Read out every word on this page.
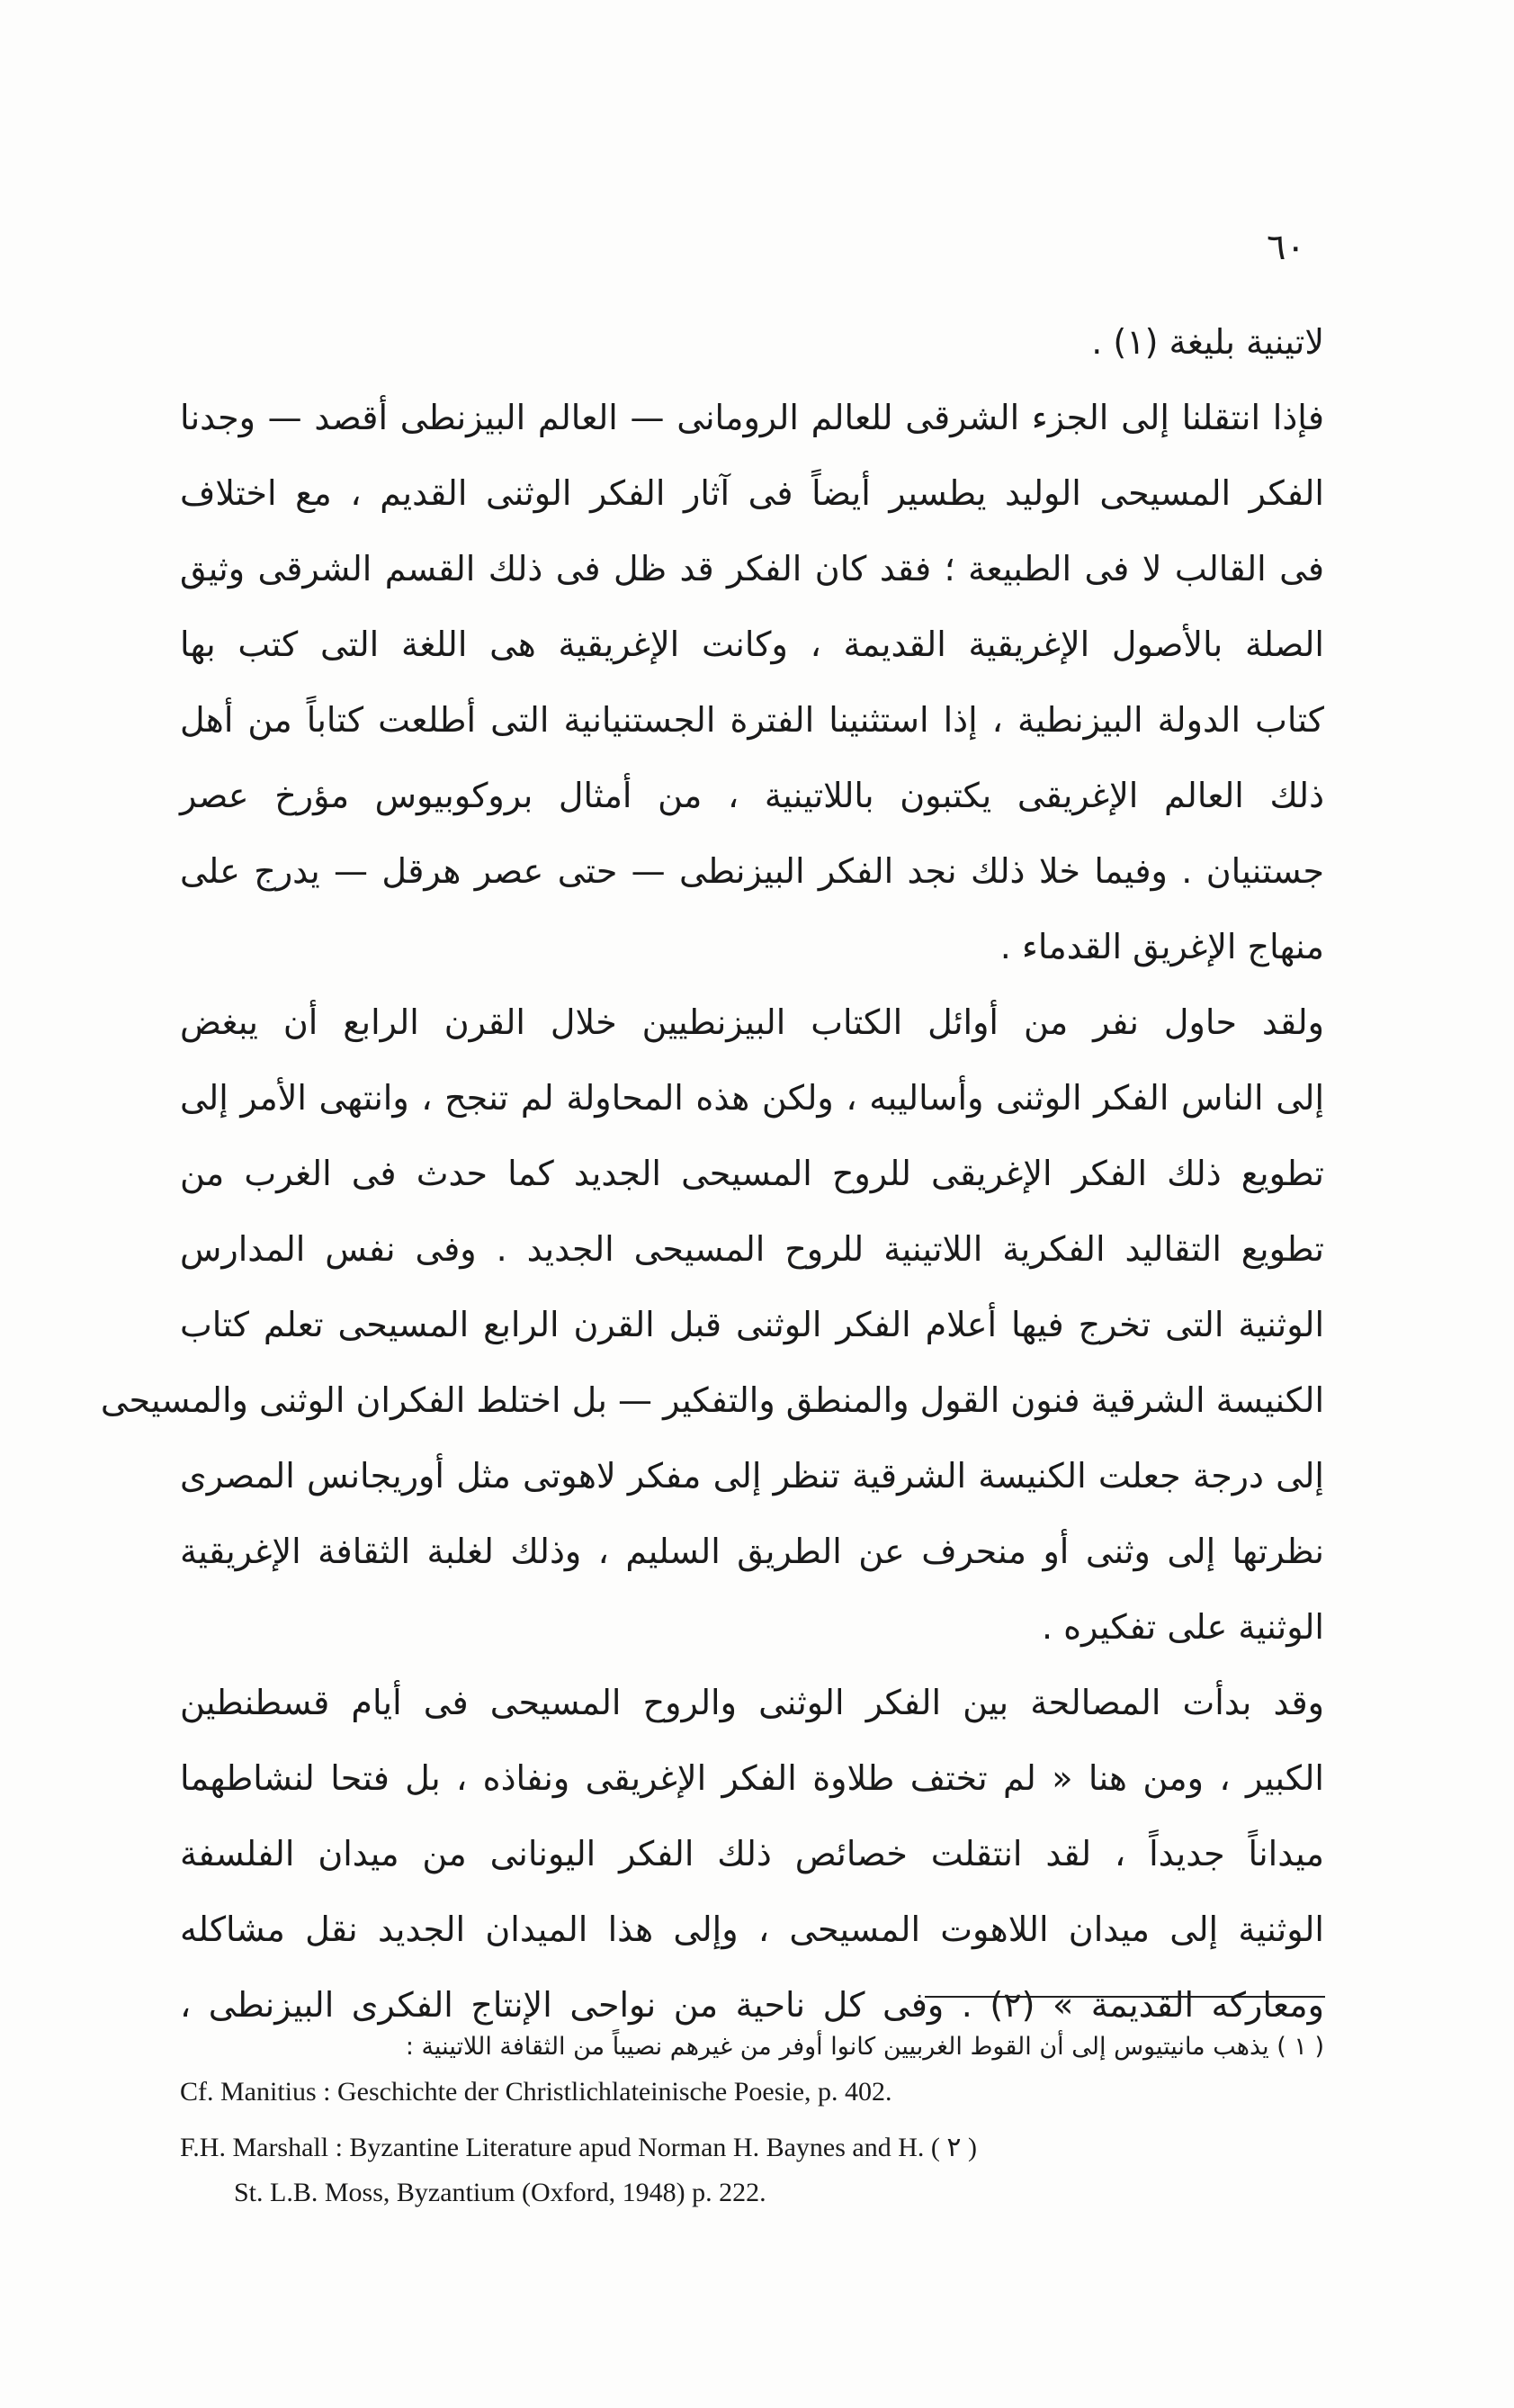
٦٠
لاتينية بليغة (١) .
فإذا انتقلنا إلى الجزء الشرقى للعالم الرومانى — العالم البيزنطى أقصد — وجدنا
الفكر المسيحى الوليد يطسير أيضاً فى آثار الفكر الوثنى القديم ، مع اختلاف
فى القالب لا فى الطبيعة ؛ فقد كان الفكر قد ظل فى ذلك القسم الشرقى وثيق
الصلة بالأصول الإغريقية القديمة ، وكانت الإغريقية هى اللغة التى كتب بها
كتاب الدولة البيزنطية ، إذا استثنينا الفترة الجستنيانية التى أطلعت كتاباً من أهل
ذلك العالم الإغريقى يكتبون باللاتينية ، من أمثال بروكوبيوس مؤرخ عصر
جستنيان . وفيما خلا ذلك نجد الفكر البيزنطى — حتى عصر هرقل — يدرج على
منهاج الإغريق القدماء .
ولقد حاول نفر من أوائل الكتاب البيزنطيين خلال القرن الرابع أن يبغض
إلى الناس الفكر الوثنى وأساليبه ، ولكن هذه المحاولة لم تنجح ، وانتهى الأمر إلى
تطويع ذلك الفكر الإغريقى للروح المسيحى الجديد كما حدث فى الغرب من
تطويع التقاليد الفكرية اللاتينية للروح المسيحى الجديد . وفى نفس المدارس
الوثنية التى تخرج فيها أعلام الفكر الوثنى قبل القرن الرابع المسيحى تعلم كتاب
الكنيسة الشرقية فنون القول والمنطق والتفكير — بل اختلط الفكران الوثنى والمسيحى
إلى درجة جعلت الكنيسة الشرقية تنظر إلى مفكر لاهوتى مثل أوريجانس المصرى
نظرتها إلى وثنى أو منحرف عن الطريق السليم ، وذلك لغلبة الثقافة الإغريقية
الوثنية على تفكيره .
وقد بدأت المصالحة بين الفكر الوثنى والروح المسيحى فى أيام قسطنطين
الكبير ، ومن هنا « لم تختف طلاوة الفكر الإغريقى ونفاذه ، بل فتحا لنشاطهما
ميداناً جديداً ، لقد انتقلت خصائص ذلك الفكر اليونانى من ميدان الفلسفة
الوثنية إلى ميدان اللاهوت المسيحى ، وإلى هذا الميدان الجديد نقل مشاكله
ومعاركه القديمة » (٢) . وفى كل ناحية من نواحى الإنتاج الفكرى البيزنطى ،
( ١ ) يذهب مانيتيوس إلى أن القوط الغربيين كانوا أوفر من غيرهم نصيباً من الثقافة اللاتينية :
Cf. Manitius : Geschichte der Christlichlateinische Poesie, p. 402.
F.H. Marshall : Byzantine Literature apud Norman H. Baynes and H. ( ٢ )
St. L.B. Moss, Byzantium (Oxford, 1948) p. 222.
